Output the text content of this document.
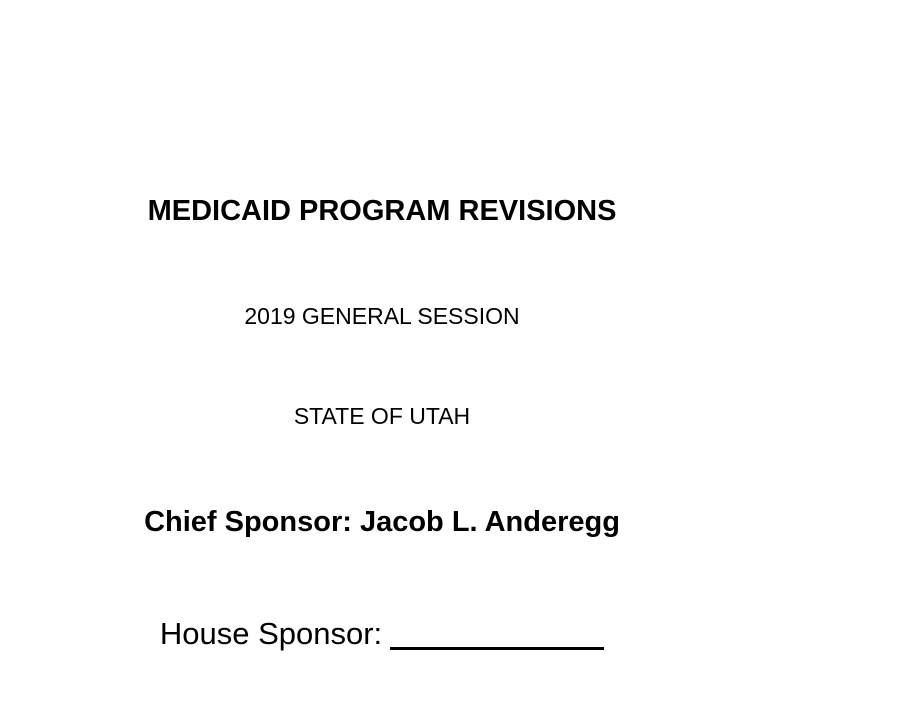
MEDICAID PROGRAM REVISIONS
2019 GENERAL SESSION
STATE OF UTAH
Chief Sponsor: Jacob L. Anderegg
House Sponsor:
